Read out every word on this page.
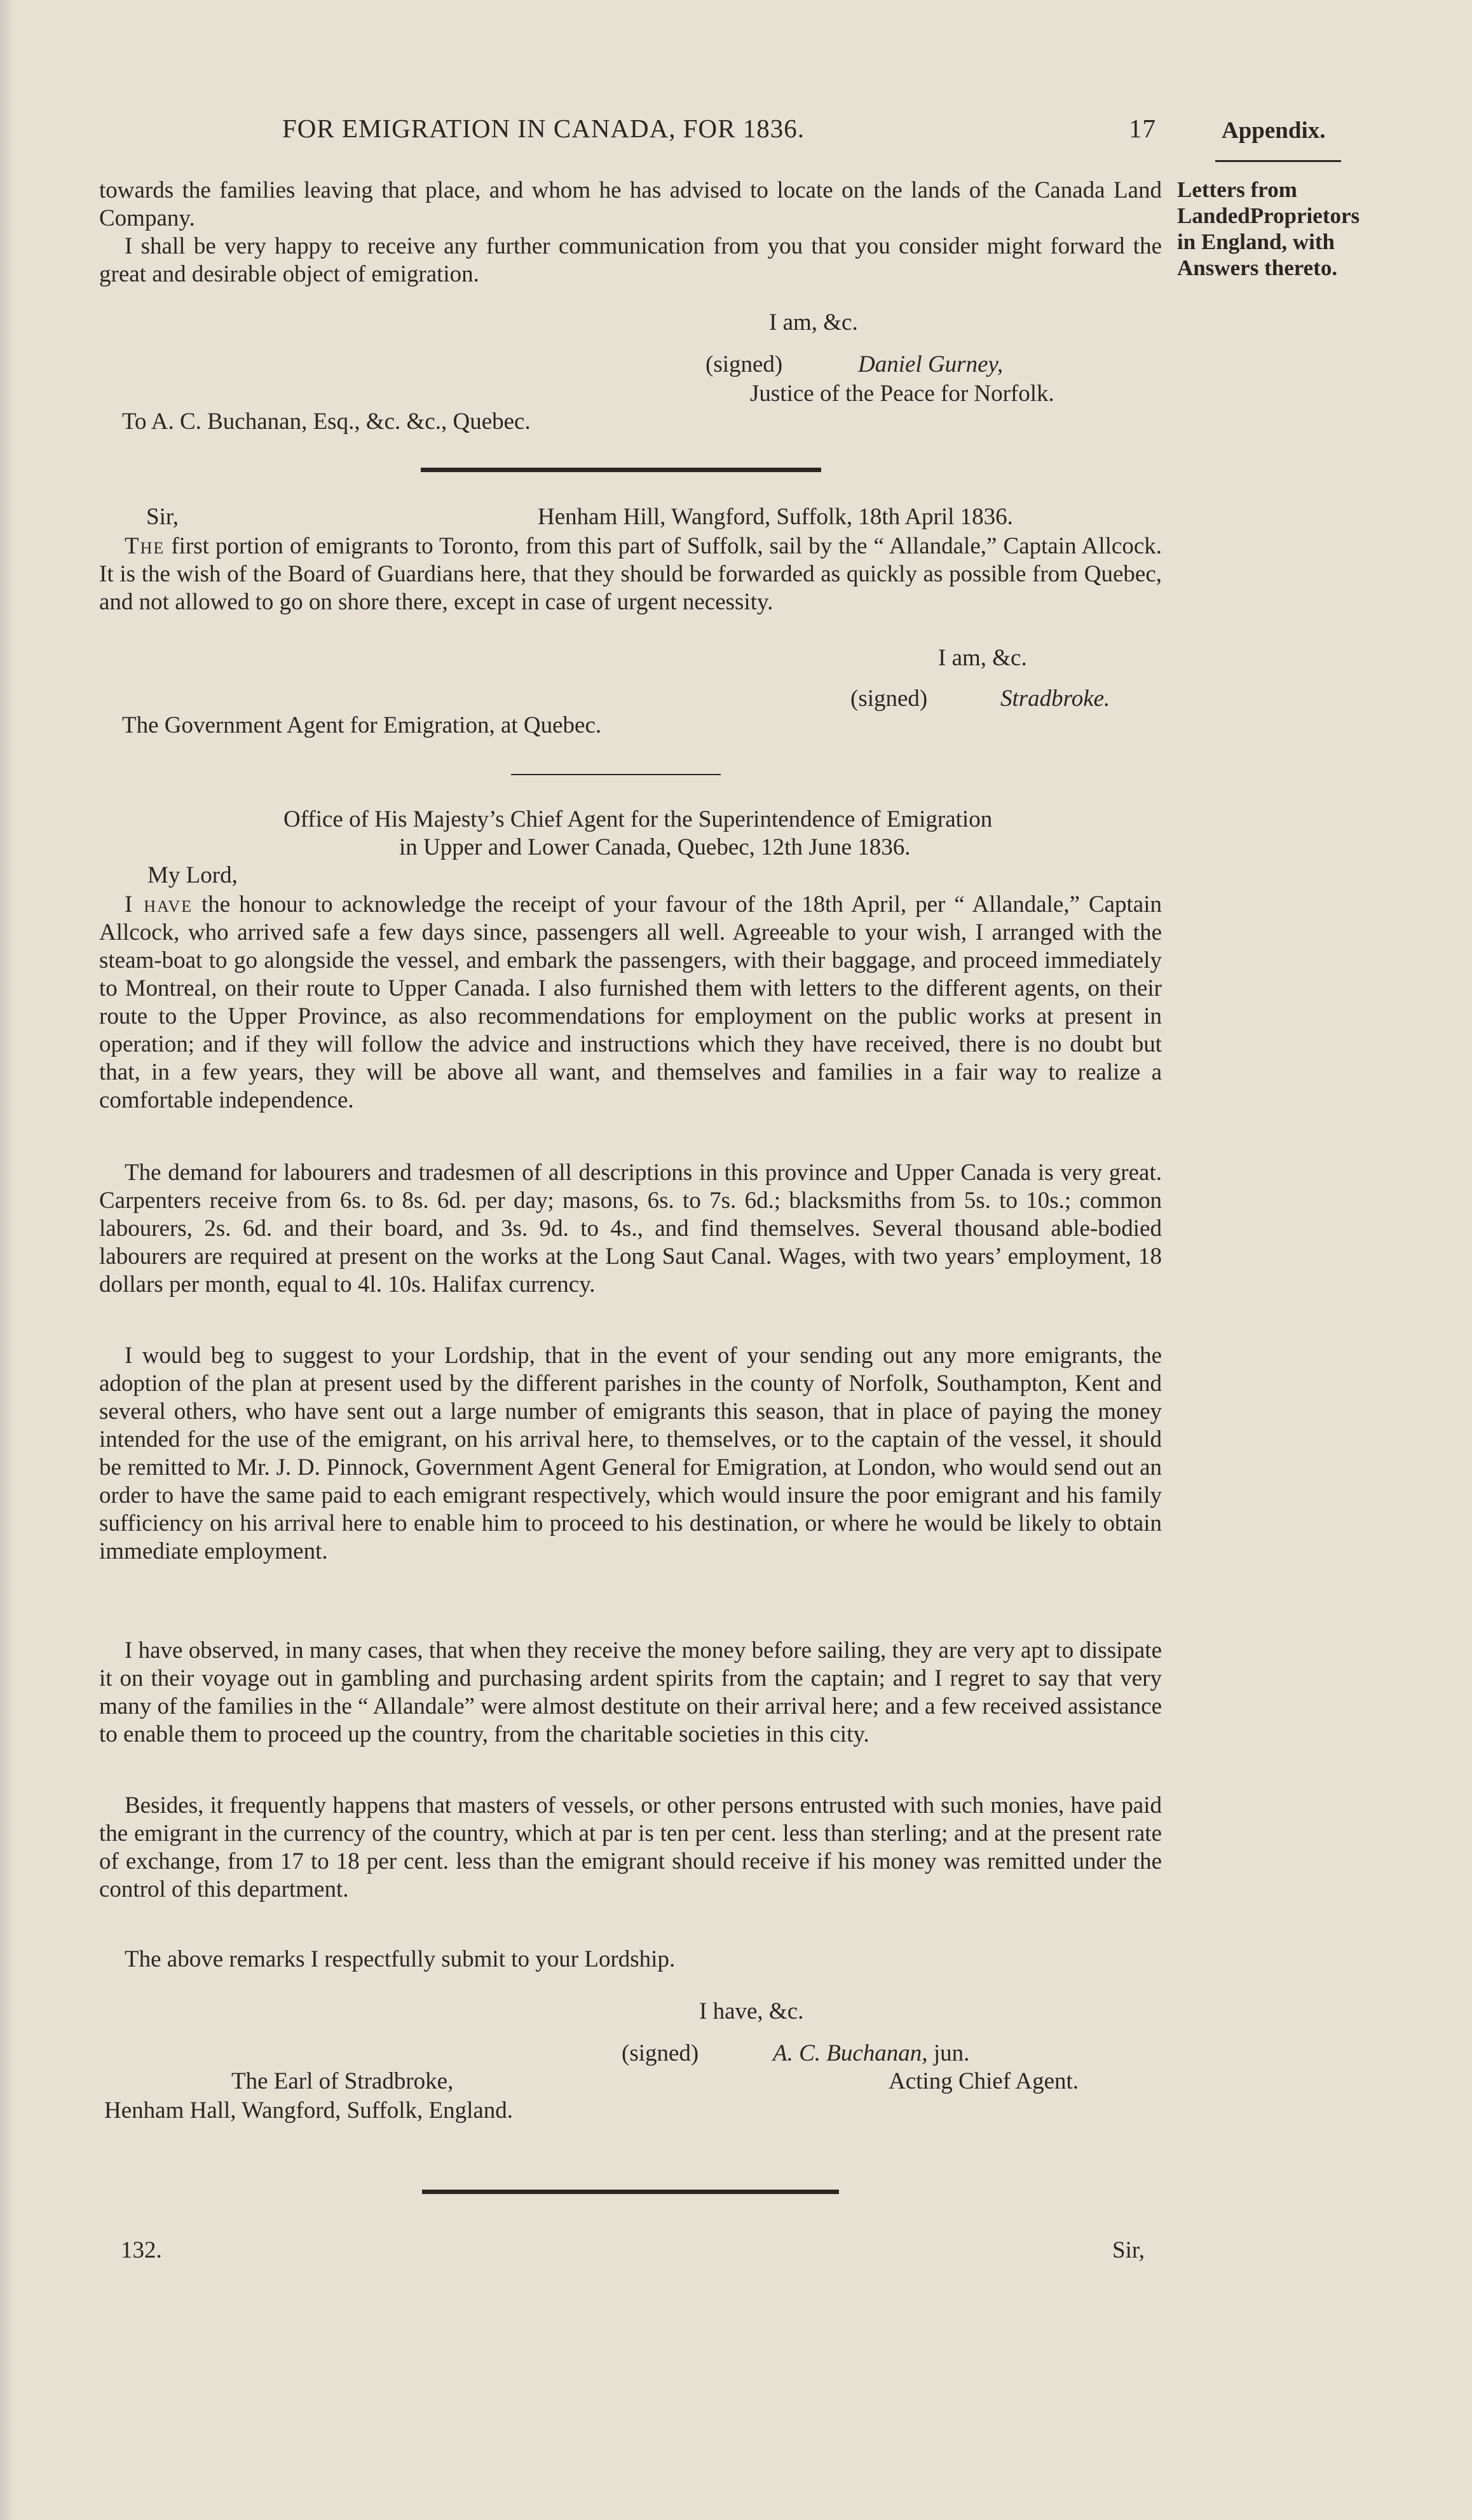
FOR EMIGRATION IN CANADA, FOR 1836.	17	Appendix.
Letters from
LandedProprietors
in England, with
Answers thereto.
towards the families leaving that place, and whom he has advised to locate on the lands of the Canada Land Company.
I shall be very happy to receive any further communication from you that you consider might forward the great and desirable object of emigration.
I am, &c.
(signed)	Daniel Gurney,
Justice of the Peace for Norfolk.
To A. C. Buchanan, Esq., &c. &c., Quebec.
Sir,	Henham Hill, Wangford, Suffolk, 18th April 1836.
The first portion of emigrants to Toronto, from this part of Suffolk, sail by the “ Allandale,” Captain Allcock. It is the wish of the Board of Guardians here, that they should be forwarded as quickly as possible from Quebec, and not allowed to go on shore there, except in case of urgent necessity.
I am, &c.
(signed)	Stradbroke.
The Government Agent for Emigration, at Quebec.
Office of His Majesty’s Chief Agent for the Superintendence of Emigration
in Upper and Lower Canada, Quebec, 12th June 1836.
My Lord,
I have the honour to acknowledge the receipt of your favour of the 18th April, per “ Allandale,” Captain Allcock, who arrived safe a few days since, passengers all well. Agreeable to your wish, I arranged with the steam-boat to go alongside the vessel, and embark the passengers, with their baggage, and proceed immediately to Montreal, on their route to Upper Canada. I also furnished them with letters to the different agents, on their route to the Upper Province, as also recommendations for employment on the public works at present in operation; and if they will follow the advice and instructions which they have received, there is no doubt but that, in a few years, they will be above all want, and themselves and families in a fair way to realize a comfortable independence.
The demand for labourers and tradesmen of all descriptions in this province and Upper Canada is very great. Carpenters receive from 6s. to 8s. 6d. per day; masons, 6s. to 7s. 6d.; blacksmiths from 5s. to 10s.; common labourers, 2s. 6d. and their board, and 3s. 9d. to 4s., and find themselves. Several thousand able-bodied labourers are required at present on the works at the Long Saut Canal. Wages, with two years’ employment, 18 dollars per month, equal to 4l. 10s. Halifax currency.
I would beg to suggest to your Lordship, that in the event of your sending out any more emigrants, the adoption of the plan at present used by the different parishes in the county of Norfolk, Southampton, Kent and several others, who have sent out a large number of emigrants this season, that in place of paying the money intended for the use of the emigrant, on his arrival here, to themselves, or to the captain of the vessel, it should be remitted to Mr. J. D. Pinnock, Government Agent General for Emigration, at London, who would send out an order to have the same paid to each emigrant respectively, which would insure the poor emigrant and his family sufficiency on his arrival here to enable him to proceed to his destination, or where he would be likely to obtain immediate employment.
I have observed, in many cases, that when they receive the money before sailing, they are very apt to dissipate it on their voyage out in gambling and purchasing ardent spirits from the captain; and I regret to say that very many of the families in the “ Allandale” were almost destitute on their arrival here; and a few received assistance to enable them to proceed up the country, from the charitable societies in this city.
Besides, it frequently happens that masters of vessels, or other persons entrusted with such monies, have paid the emigrant in the currency of the country, which at par is ten per cent. less than sterling; and at the present rate of exchange, from 17 to 18 per cent. less than the emigrant should receive if his money was remitted under the control of this department.
The above remarks I respectfully submit to your Lordship.
I have, &c.
(signed)	A. C. Buchanan, jun.
The Earl of Stradbroke,	Acting Chief Agent.
Henham Hall, Wangford, Suffolk, England.
132.	Sir,
